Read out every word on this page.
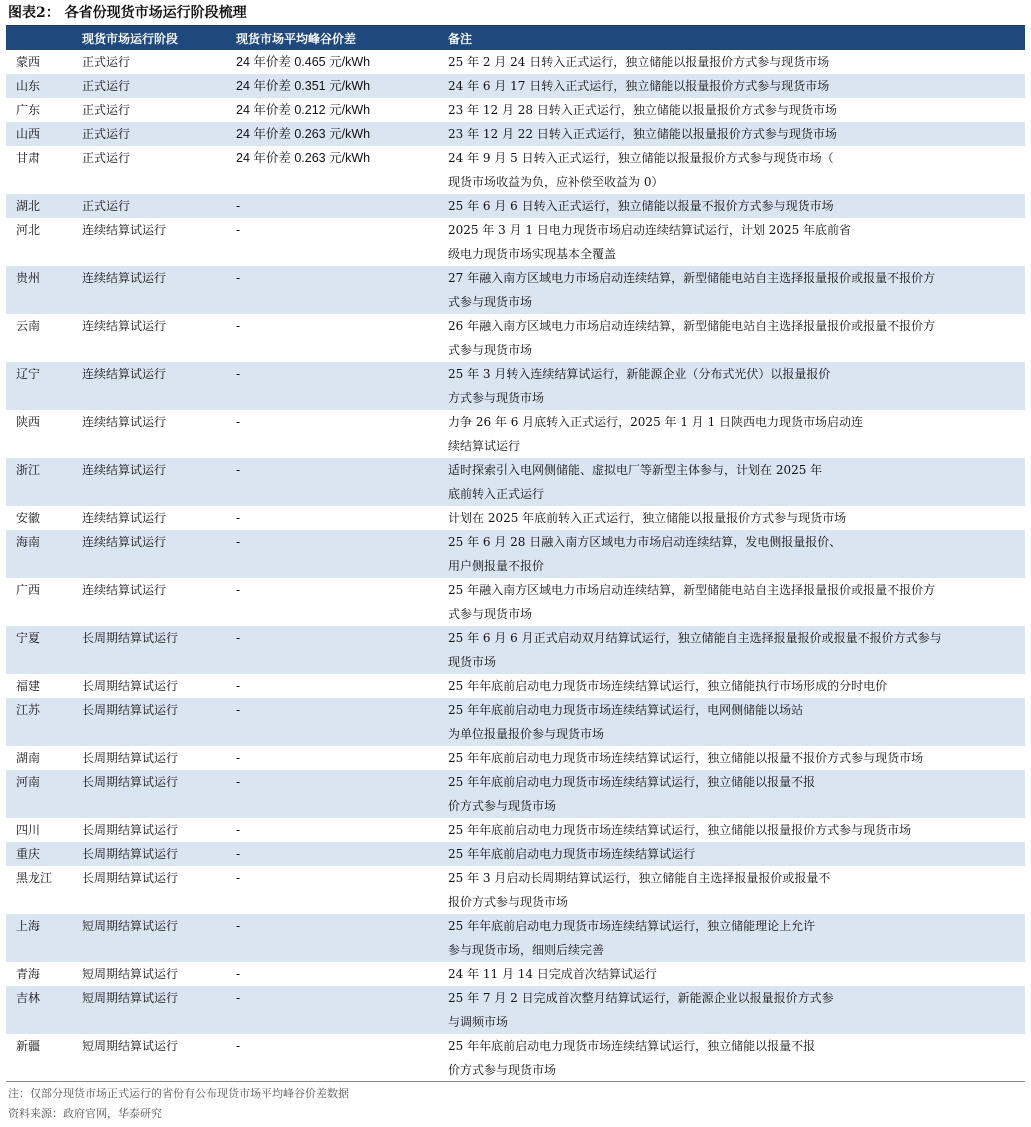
图表2： 各省份现货市场运行阶段梳理
	现货市场运行阶段	现货市场平均峰谷价差	备注
蒙西	正式运行	24 年价差 0.465 元/kWh	25 年 2 月 24 日转入正式运行，独立储能以报量报价方式参与现货市场

山东	正式运行	24 年价差 0.351 元/kWh	24 年 6 月 17 日转入正式运行，独立储能以报量报价方式参与现货市场

广东	正式运行	24 年价差 0.212 元/kWh	23 年 12 月 28 日转入正式运行，独立储能以报量报价方式参与现货市场

山西	正式运行	24 年价差 0.263 元/kWh	23 年 12 月 22 日转入正式运行，独立储能以报量报价方式参与现货市场

甘肃	正式运行	24 年价差 0.263 元/kWh	24 年 9 月 5 日转入正式运行，独立储能以报量报价方式参与现货市场（
现货市场收益为负，应补偿至收益为 0）

湖北	正式运行	-	25 年 6 月 6 日转入正式运行，独立储能以报量不报价方式参与现货市场

河北	连续结算试运行	-	2025 年 3 月 1 日电力现货市场启动连续结算试运行，计划 2025 年底前省
级电力现货市场实现基本全覆盖

贵州	连续结算试运行	-	27 年融入南方区域电力市场启动连续结算，新型储能电站自主选择报量报价或报量不报价方
式参与现货市场

云南	连续结算试运行	-	26 年融入南方区域电力市场启动连续结算，新型储能电站自主选择报量报价或报量不报价方
式参与现货市场

辽宁	连续结算试运行	-	25 年 3 月转入连续结算试运行，新能源企业（分布式光伏）以报量报价
方式参与现货市场

陕西	连续结算试运行	-	力争 26 年 6 月底转入正式运行，2025 年 1 月 1 日陕西电力现货市场启动连
续结算试运行

浙江	连续结算试运行	-	适时探索引入电网侧储能、虚拟电厂等新型主体参与，计划在 2025 年
底前转入正式运行

安徽	连续结算试运行	-	计划在 2025 年底前转入正式运行，独立储能以报量报价方式参与现货市场

海南	连续结算试运行	-	25 年 6 月 28 日融入南方区域电力市场启动连续结算，发电侧报量报价、
用户侧报量不报价

广西	连续结算试运行	-	25 年融入南方区域电力市场启动连续结算，新型储能电站自主选择报量报价或报量不报价方
式参与现货市场

宁夏	长周期结算试运行	-	25 年 6 月 6 月正式启动双月结算试运行，独立储能自主选择报量报价或报量不报价方式参与
现货市场

福建	长周期结算试运行	-	25 年年底前启动电力现货市场连续结算试运行，独立储能执行市场形成的分时电价

江苏	长周期结算试运行	-	25 年年底前启动电力现货市场连续结算试运行，电网侧储能以场站
为单位报量报价参与现货市场

湖南	长周期结算试运行	-	25 年年底前启动电力现货市场连续结算试运行，独立储能以报量不报价方式参与现货市场

河南	长周期结算试运行	-	25 年年底前启动电力现货市场连续结算试运行，独立储能以报量不报
价方式参与现货市场

四川	长周期结算试运行	-	25 年年底前启动电力现货市场连续结算试运行，独立储能以报量报价方式参与现货市场

重庆	长周期结算试运行	-	25 年年底前启动电力现货市场连续结算试运行

黑龙江	长周期结算试运行	-	25 年 3 月启动长周期结算试运行，独立储能自主选择报量报价或报量不
报价方式参与现货市场

上海	短周期结算试运行	-	25 年年底前启动电力现货市场连续结算试运行，独立储能理论上允许
参与现货市场，细则后续完善

青海	短周期结算试运行	-	24 年 11 月 14 日完成首次结算试运行

吉林	短周期结算试运行	-	25 年 7 月 2 日完成首次整月结算试运行，新能源企业以报量报价方式参
与调频市场

新疆	短周期结算试运行	-	25 年年底前启动电力现货市场连续结算试运行，独立储能以报量不报
价方式参与现货市场
注：仅部分现货市场正式运行的省份有公布现货市场平均峰谷价差数据
资料来源：政府官网，华泰研究
